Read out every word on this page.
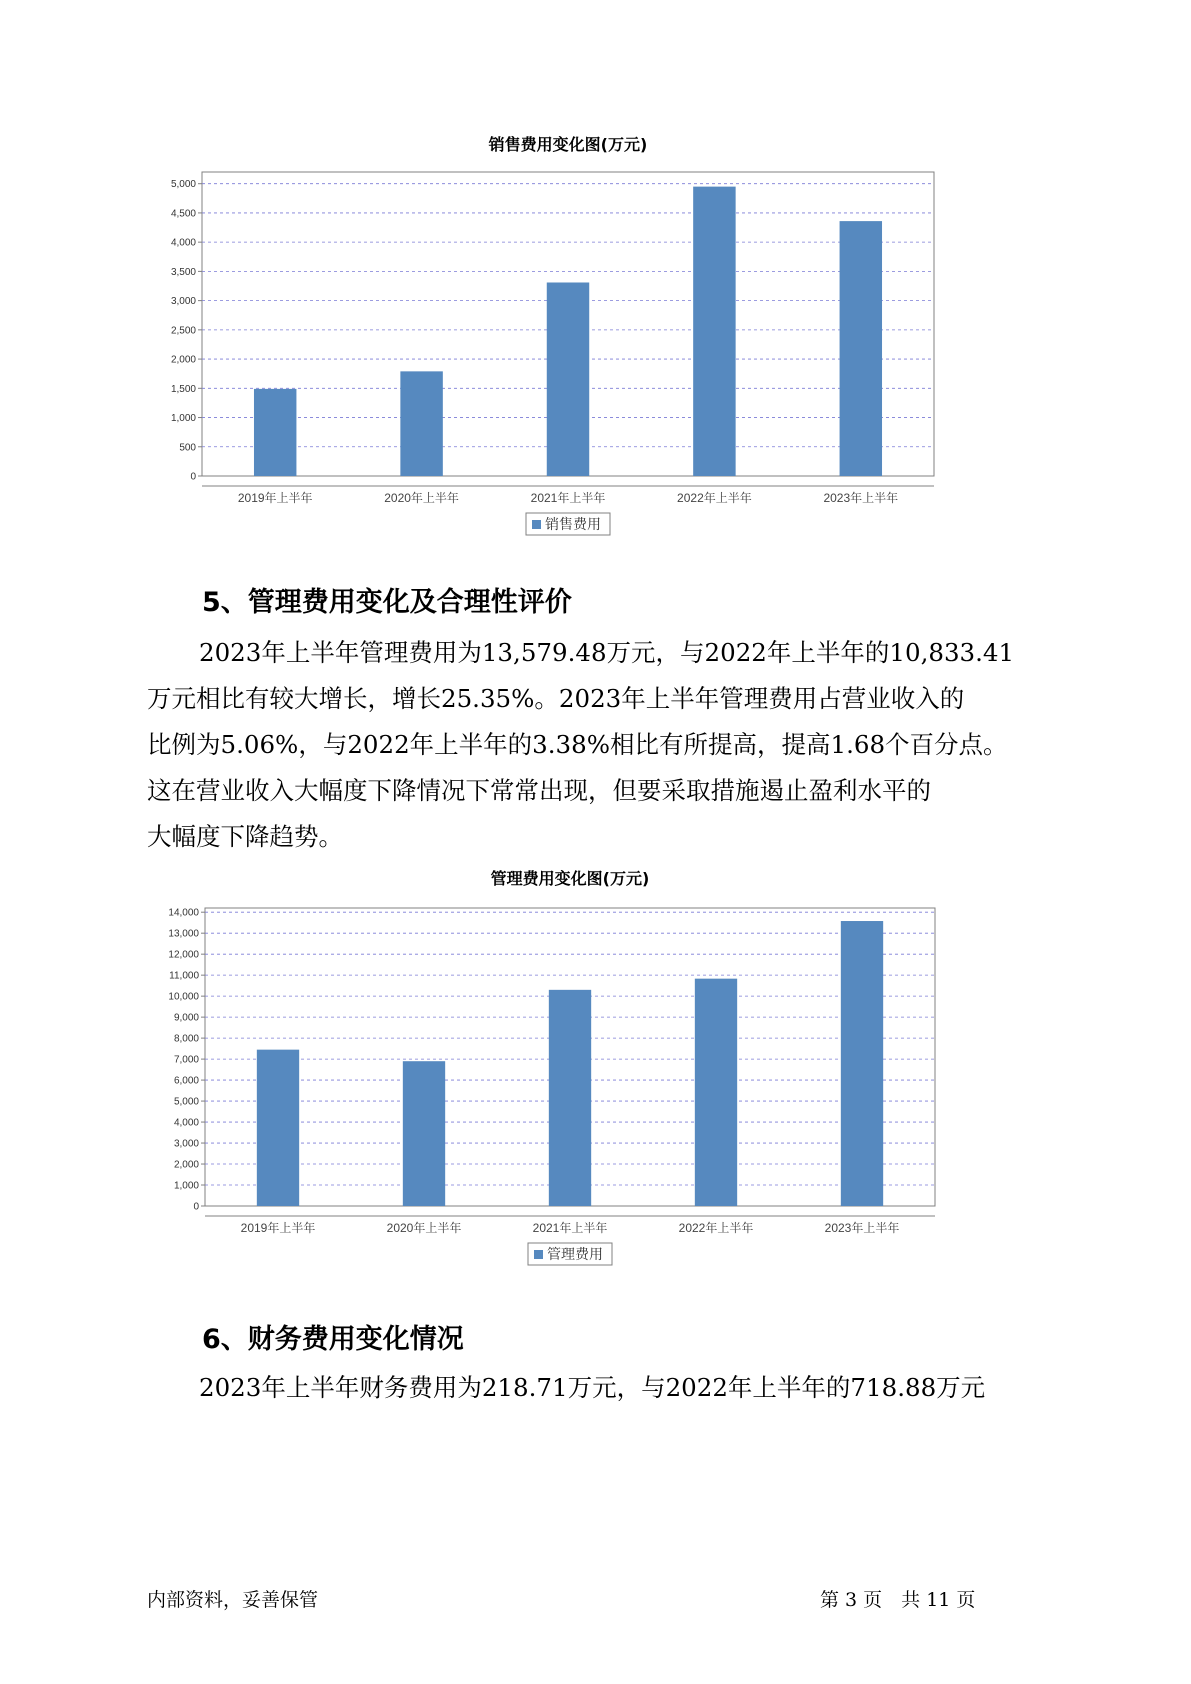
销售费用变化图(万元)
0
500
1,000
1,500
2,000
2,500
3,000
3,500
4,000
4,500
5,000
2019年上半年	2020年上半年	2021年上半年	2022年上半年	2023年上半年
销售费用
5、管理费用变化及合理性评价
2023年上半年管理费用为13,579.48万元，与2022年上半年的10,833.41
万元相比有较大增长，增长25.35%。2023年上半年管理费用占营业收入的
比例为5.06%，与2022年上半年的3.38%相比有所提高，提高1.68个百分点。
这在营业收入大幅度下降情况下常常出现，但要采取措施遏止盈利水平的
大幅度下降趋势。
管理费用变化图(万元)
0
1,000
2,000
3,000
4,000
5,000
6,000
7,000
8,000
9,000
10,000
11,000
12,000
13,000
14,000
2019年上半年	2020年上半年	2021年上半年	2022年上半年	2023年上半年
管理费用
6、财务费用变化情况
2023年上半年财务费用为218.71万元，与2022年上半年的718.88万元
内部资料，妥善保管	第 3 页　共 11 页
